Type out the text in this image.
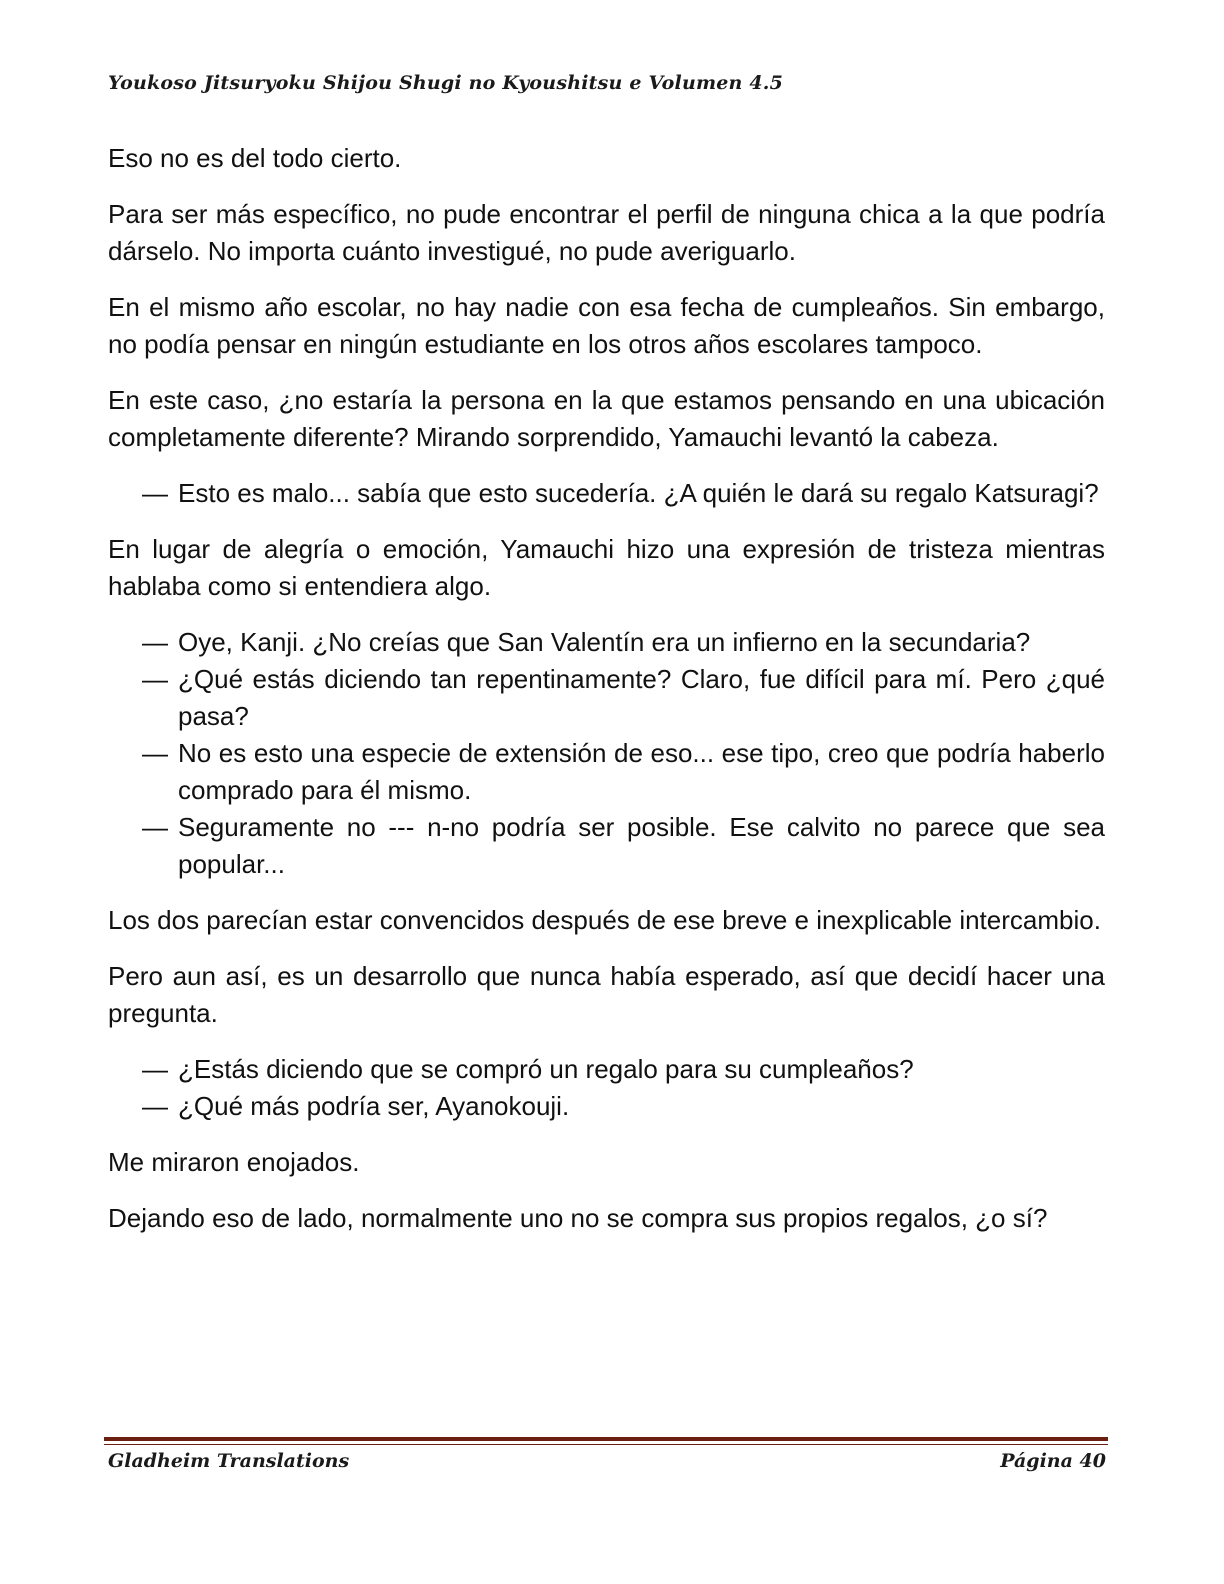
Youkoso Jitsuryoku Shijou Shugi no Kyoushitsu e Volumen 4.5

Eso no es del todo cierto.

Para ser más específico, no pude encontrar el perfil de ninguna chica a la que podría dárselo. No importa cuánto investigué, no pude averiguarlo.

En el mismo año escolar, no hay nadie con esa fecha de cumpleaños. Sin embargo, no podía pensar en ningún estudiante en los otros años escolares tampoco.

En este caso, ¿no estaría la persona en la que estamos pensando en una ubicación completamente diferente? Mirando sorprendido, Yamauchi levantó la cabeza.

— Esto es malo... sabía que esto sucedería. ¿A quién le dará su regalo Katsuragi?

En lugar de alegría o emoción, Yamauchi hizo una expresión de tristeza mientras hablaba como si entendiera algo.

— Oye, Kanji. ¿No creías que San Valentín era un infierno en la secundaria?
— ¿Qué estás diciendo tan repentinamente? Claro, fue difícil para mí. Pero ¿qué pasa?
— No es esto una especie de extensión de eso... ese tipo, creo que podría haberlo comprado para él mismo.
— Seguramente no --- n-no podría ser posible. Ese calvito no parece que sea popular...

Los dos parecían estar convencidos después de ese breve e inexplicable intercambio.

Pero aun así, es un desarrollo que nunca había esperado, así que decidí hacer una pregunta.

— ¿Estás diciendo que se compró un regalo para su cumpleaños?
— ¿Qué más podría ser, Ayanokouji.

Me miraron enojados.

Dejando eso de lado, normalmente uno no se compra sus propios regalos, ¿o sí?

Gladheim Translations	Página 40
